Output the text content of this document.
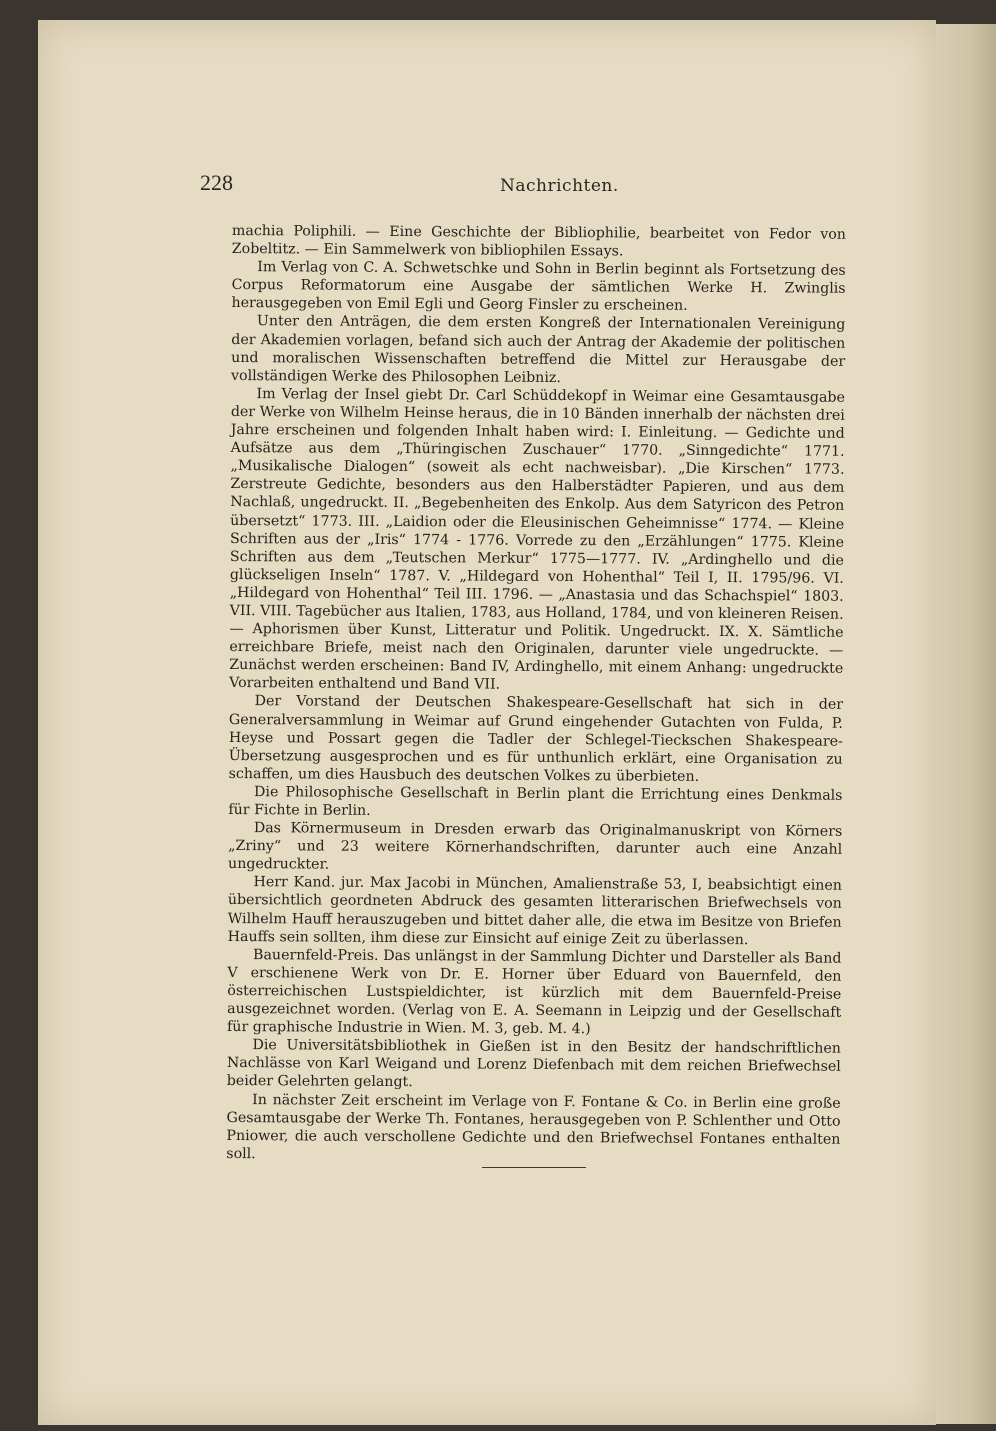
228	Nachrichten.

machia Poliphili. — Eine Geschichte der Bibliophilie, bearbeitet von Fedor von Zobeltitz. — Ein Sammelwerk von bibliophilen Essays.

Im Verlag von C. A. Schwetschke und Sohn in Berlin beginnt als Fortsetzung des Corpus Reformatorum eine Ausgabe der sämtlichen Werke H. Zwinglis herausgegeben von Emil Egli und Georg Finsler zu erscheinen.

Unter den Anträgen, die dem ersten Kongreß der Internationalen Vereinigung der Akademien vorlagen, befand sich auch der Antrag der Akademie der politischen und moralischen Wissenschaften betreffend die Mittel zur Herausgabe der vollständigen Werke des Philosophen Leibniz.

Im Verlag der Insel giebt Dr. Carl Schüddekopf in Weimar eine Gesamtausgabe der Werke von Wilhelm Heinse heraus, die in 10 Bänden innerhalb der nächsten drei Jahre erscheinen und folgenden Inhalt haben wird: I. Einleitung. — Gedichte und Aufsätze aus dem „Thüringischen Zuschauer“ 1770. „Sinngedichte“ 1771. „Musikalische Dialogen“ (soweit als echt nachweisbar). „Die Kirschen“ 1773. Zerstreute Gedichte, besonders aus den Halberstädter Papieren, und aus dem Nachlaß, ungedruckt. II. „Begebenheiten des Enkolp. Aus dem Satyricon des Petron übersetzt“ 1773. III. „Laidion oder die Eleusinischen Geheimnisse“ 1774. — Kleine Schriften aus der „Iris“ 1774 - 1776. Vorrede zu den „Erzählungen“ 1775. Kleine Schriften aus dem „Teutschen Merkur“ 1775—1777. IV. „Ardinghello und die glückseligen Inseln“ 1787. V. „Hildegard von Hohenthal“ Teil I, II. 1795/96. VI. „Hildegard von Hohenthal“ Teil III. 1796. — „Anastasia und das Schachspiel“ 1803. VII. VIII. Tagebücher aus Italien, 1783, aus Holland, 1784, und von kleineren Reisen. — Aphorismen über Kunst, Litteratur und Politik. Ungedruckt. IX. X. Sämtliche erreichbare Briefe, meist nach den Originalen, darunter viele ungedruckte. — Zunächst werden erscheinen: Band IV, Ardinghello, mit einem Anhang: ungedruckte Vorarbeiten enthaltend und Band VII.

Der Vorstand der Deutschen Shakespeare-Gesellschaft hat sich in der Generalversammlung in Weimar auf Grund eingehender Gutachten von Fulda, P. Heyse und Possart gegen die Tadler der Schlegel-Tieckschen Shakespeare-Übersetzung ausgesprochen und es für unthunlich erklärt, eine Organisation zu schaffen, um dies Hausbuch des deutschen Volkes zu überbieten.

Die Philosophische Gesellschaft in Berlin plant die Errichtung eines Denkmals für Fichte in Berlin.

Das Körnermuseum in Dresden erwarb das Originalmanuskript von Körners „Zriny“ und 23 weitere Körnerhandschriften, darunter auch eine Anzahl ungedruckter.

Herr Kand. jur. Max Jacobi in München, Amalienstraße 53, I, beabsichtigt einen übersichtlich geordneten Abdruck des gesamten litterarischen Briefwechsels von Wilhelm Hauff herauszugeben und bittet daher alle, die etwa im Besitze von Briefen Hauffs sein sollten, ihm diese zur Einsicht auf einige Zeit zu überlassen.

Bauernfeld-Preis. Das unlängst in der Sammlung Dichter und Darsteller als Band V erschienene Werk von Dr. E. Horner über Eduard von Bauernfeld, den österreichischen Lustspieldichter, ist kürzlich mit dem Bauernfeld-Preise ausgezeichnet worden. (Verlag von E. A. Seemann in Leipzig und der Gesellschaft für graphische Industrie in Wien. M. 3, geb. M. 4.)

Die Universitätsbibliothek in Gießen ist in den Besitz der handschriftlichen Nachlässe von Karl Weigand und Lorenz Diefenbach mit dem reichen Briefwechsel beider Gelehrten gelangt.

In nächster Zeit erscheint im Verlage von F. Fontane & Co. in Berlin eine große Gesamtausgabe der Werke Th. Fontanes, herausgegeben von P. Schlenther und Otto Pniower, die auch verschollene Gedichte und den Briefwechsel Fontanes enthalten soll.
